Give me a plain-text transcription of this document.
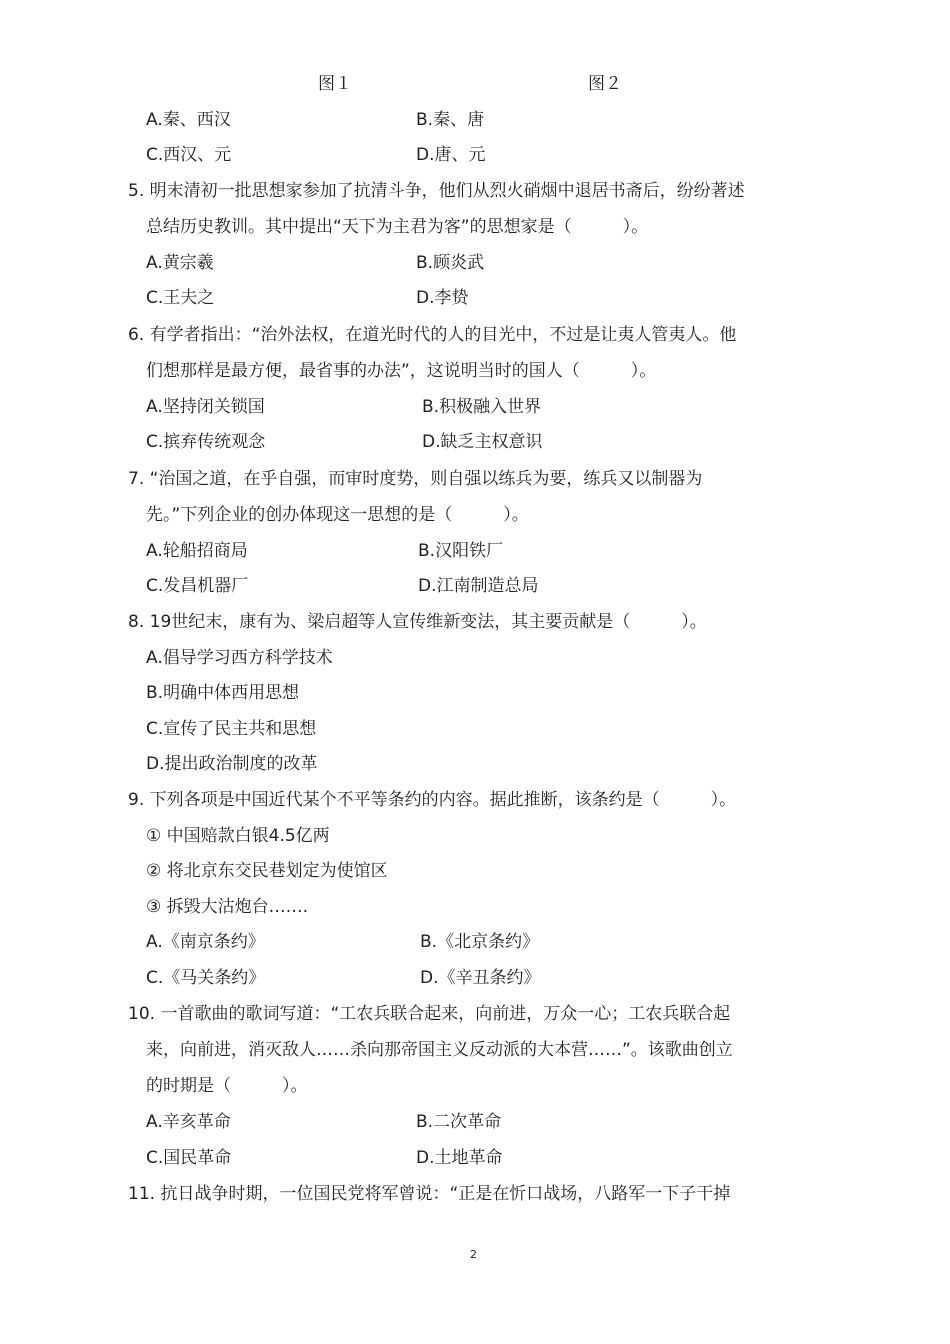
图１	图２
A.秦、西汉	B.秦、唐
C.西汉、元	D.唐、元
5. 明末清初一批思想家参加了抗清斗争，他们从烈火硝烟中退居书斋后，纷纷著述
总结历史教训。其中提出“天下为主君为客”的思想家是（　　　）。
A.黄宗羲	B.顾炎武
C.王夫之	D.李贽
6. 有学者指出：“治外法权，在道光时代的人的目光中，不过是让夷人管夷人。他
们想那样是最方便，最省事的办法”，这说明当时的国人（　　　）。
A.坚持闭关锁国	B.积极融入世界
C.摈弃传统观念	D.缺乏主权意识
7. “治国之道，在乎自强，而审时度势，则自强以练兵为要，练兵又以制器为
先。”下列企业的创办体现这一思想的是（　　　）。
A.轮船招商局	B.汉阳铁厂
C.发昌机器厂	D.江南制造总局
8. 19世纪末，康有为、梁启超等人宣传维新变法，其主要贡献是（　　　）。
A.倡导学习西方科学技术
B.明确中体西用思想
C.宣传了民主共和思想
D.提出政治制度的改革
9. 下列各项是中国近代某个不平等条约的内容。据此推断，该条约是（　　　）。
① 中国赔款白银4.5亿两
② 将北京东交民巷划定为使馆区
③ 拆毁大沽炮台…….
A.《南京条约》	B.《北京条约》
C.《马关条约》	D.《辛丑条约》
10. 一首歌曲的歌词写道：“工农兵联合起来，向前进，万众一心；工农兵联合起
来，向前进，消灭敌人……杀向那帝国主义反动派的大本营……”。该歌曲创立
的时期是（　　　）。
A.辛亥革命	B.二次革命
C.国民革命	D.土地革命
11. 抗日战争时期，一位国民党将军曾说：“正是在忻口战场，八路军一下子干掉
2
